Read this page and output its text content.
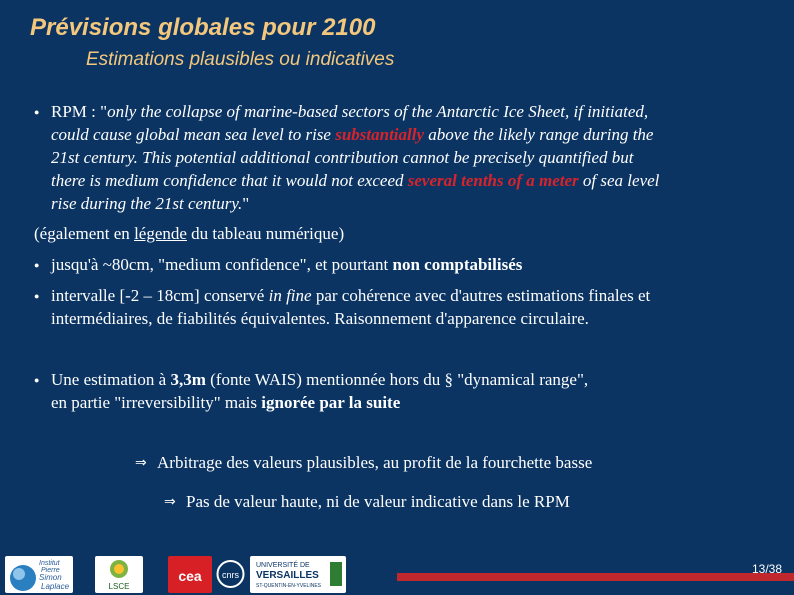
Prévisions globales pour 2100
Estimations plausibles ou indicatives
● RPM : "only the collapse of marine-based sectors of the Antarctic Ice Sheet, if initiated,
could cause global mean sea level to rise substantially above the likely range during the
21st century. This potential additional contribution cannot be precisely quantified but
there is medium confidence that it would not exceed several tenths of a meter of sea level
rise during the 21st century."
(également en légende du tableau numérique)
● jusqu'à ~80cm, "medium confidence", et pourtant non comptabilisés
● intervalle [-2 – 18cm] conservé in fine par cohérence avec d'autres estimations finales et
intermédiaires, de fiabilités équivalentes. Raisonnement d'apparence circulaire.
● Une estimation à 3,3m (fonte WAIS) mentionnée hors du § "dynamical range",
en partie "irreversibility" mais ignorée par la suite
⇒ Arbitrage des valeurs plausibles, au profit de la fourchette basse
⇒ Pas de valeur haute, ni de valeur indicative dans le RPM
Institut
Pierre
Simon
Laplace	LSCE
cea cnrs
UNIVERSITÉ DE
VERSAILLES
ST-QUENTIN-EN-YVELINES
13/38
